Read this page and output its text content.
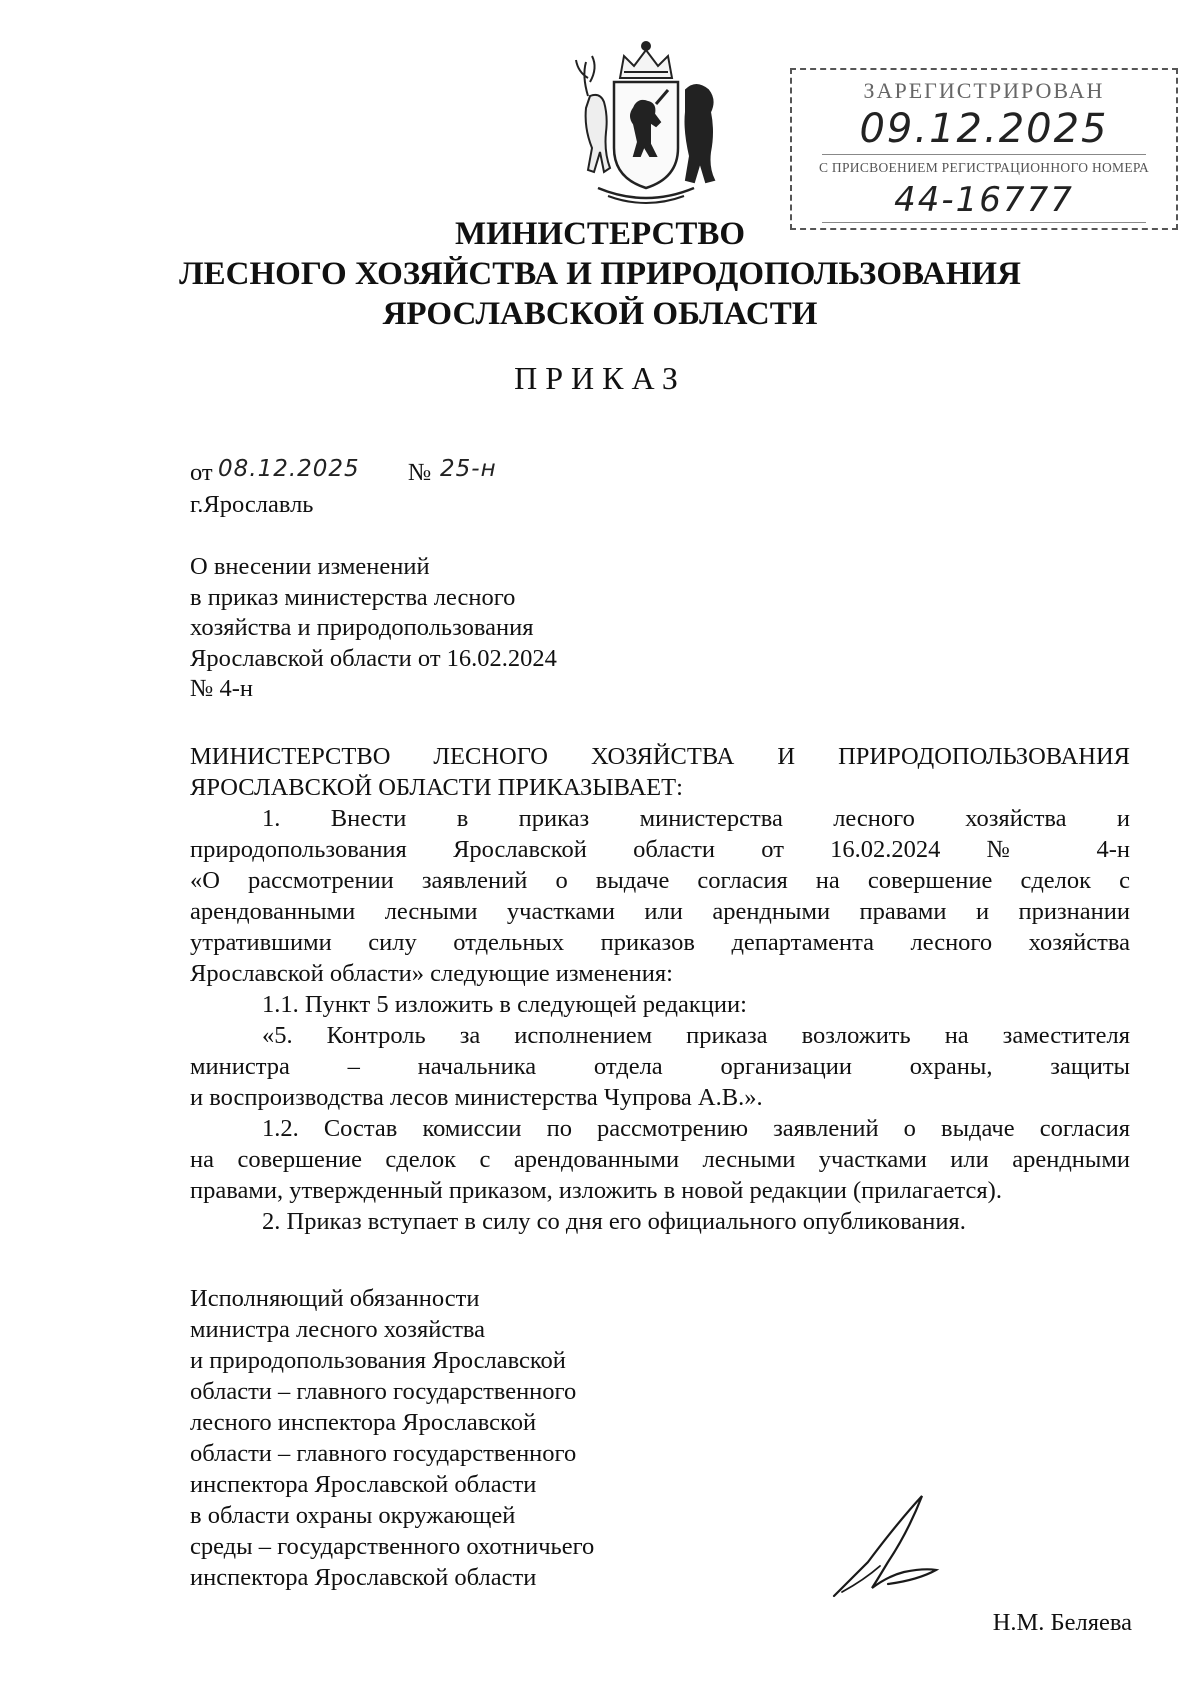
ЗАРЕГИСТРИРОВАН
09.12.2025
С ПРИСВОЕНИЕМ РЕГИСТРАЦИОННОГО НОМЕРА
44-16777
МИНИСТЕРСТВО
ЛЕСНОГО ХОЗЯЙСТВА И ПРИРОДОПОЛЬЗОВАНИЯ
ЯРОСЛАВСКОЙ ОБЛАСТИ
ПРИКАЗ
от 08.12.2025 № 25-н
г.Ярославль
О внесении изменений
в приказ министерства лесного
хозяйства и природопользования
Ярославской области от 16.02.2024
№ 4-н
МИНИСТЕРСТВО ЛЕСНОГО ХОЗЯЙСТВА И ПРИРОДОПОЛЬЗОВАНИЯ
ЯРОСЛАВСКОЙ ОБЛАСТИ ПРИКАЗЫВАЕТ:
1. Внести в приказ министерства лесного хозяйства и
природопользования Ярославской области от 16.02.2024 № 4-н
«О рассмотрении заявлений о выдаче согласия на совершение сделок с
арендованными лесными участками или арендными правами и признании
утратившими силу отдельных приказов департамента лесного хозяйства
Ярославской области» следующие изменения:
1.1. Пункт 5 изложить в следующей редакции:
«5. Контроль за исполнением приказа возложить на заместителя
министра – начальника отдела организации охраны, защиты
и воспроизводства лесов министерства Чупрова А.В.».
1.2. Состав комиссии по рассмотрению заявлений о выдаче согласия
на совершение сделок с арендованными лесными участками или арендными
правами, утвержденный приказом, изложить в новой редакции (прилагается).
2. Приказ вступает в силу со дня его официального опубликования.
Исполняющий обязанности
министра лесного хозяйства
и природопользования Ярославской
области – главного государственного
лесного инспектора Ярославской
области – главного государственного
инспектора Ярославской области
в области охраны окружающей
среды – государственного охотничьего
инспектора Ярославской области
Н.М. Беляева
